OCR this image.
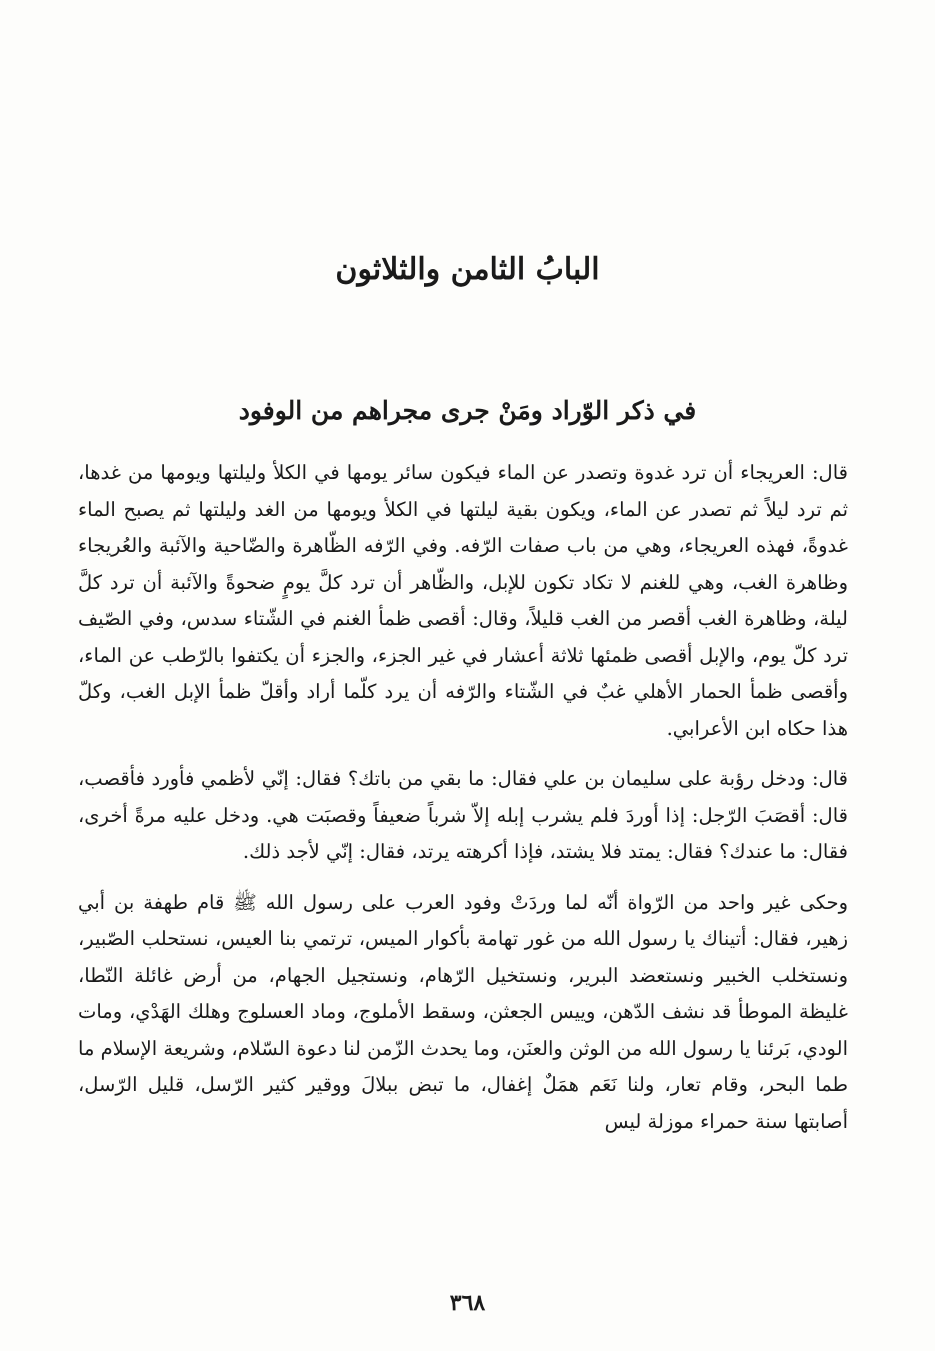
البابُ الثامن والثلاثون
في ذكر الوّراد ومَنْ جرى مجراهم من الوفود

قال: العريجاء أن ترد غدوة وتصدر عن الماء فيكون سائر يومها في الكلأ وليلتها ويومها من غدها، ثم ترد ليلاً ثم تصدر عن الماء، ويكون بقية ليلتها في الكلأ ويومها من الغد وليلتها ثم يصبح الماء غدوةً، فهذه العريجاء، وهي من باب صفات الرّفه. وفي الرّفه الظّاهرة والضّاحية والآئبة والعُريجاء وظاهرة الغب، وهي للغنم لا تكاد تكون للإبل، والظّاهر أن ترد كلَّ يومٍ ضحوةً والآئبة أن ترد كلَّ ليلة، وظاهرة الغب أقصر من الغب قليلاً، وقال: أقصى ظمأ الغنم في الشّتاء سدس، وفي الصّيف ترد كلّ يوم، والإبل أقصى ظمئها ثلاثة أعشار في غير الجزء، والجزء أن يكتفوا بالرّطب عن الماء، وأقصى ظمأ الحمار الأهلي غبٌ في الشّتاء والرّفه أن يرد كلّما أراد وأقلّ ظمأ الإبل الغب، وكلّ هذا حكاه ابن الأعرابي.

قال: ودخل رؤبة على سليمان بن علي فقال: ما بقي من باتك؟ فقال: إنّي لأظمي فأورد فأقصب، قال: أقصَبَ الرّجل: إذا أوردَ فلم يشرب إبله إلاّ شرباً ضعيفاً وقصبَت هي. ودخل عليه مرةً أخرى، فقال: ما عندك؟ فقال: يمتد فلا يشتد، فإذا أكرهته يرتد، فقال: إنّي لأجد ذلك.

وحكى غير واحد من الرّواة أنّه لما وردَتْ وفود العرب على رسول الله ﷺ قام طهفة بن أبي زهير، فقال: أتيناك يا رسول الله من غور تهامة بأكوار الميس، ترتمي بنا العيس، نستحلب الصّبير، ونستخلب الخبير ونستعضد البرير، ونستخيل الرّهام، ونستجيل الجهام، من أرض غائلة النّطا، غليظة الموطأ قد نشف الدّهن، وييس الجعثن، وسقط الأملوج، وماد العسلوج وهلك الهَدْي، ومات الودي، بَرئنا يا رسول الله من الوثن والعنَن، وما يحدث الزّمن لنا دعوة السّلام، وشريعة الإسلام ما طما البحر، وقام تعار، ولنا نَعَم همَلٌ إغفال، ما تبض ببلالَ ووقير كثير الرّسل، قليل الرّسل، أصابتها سنة حمراء موزلة ليس

٣٦٨
